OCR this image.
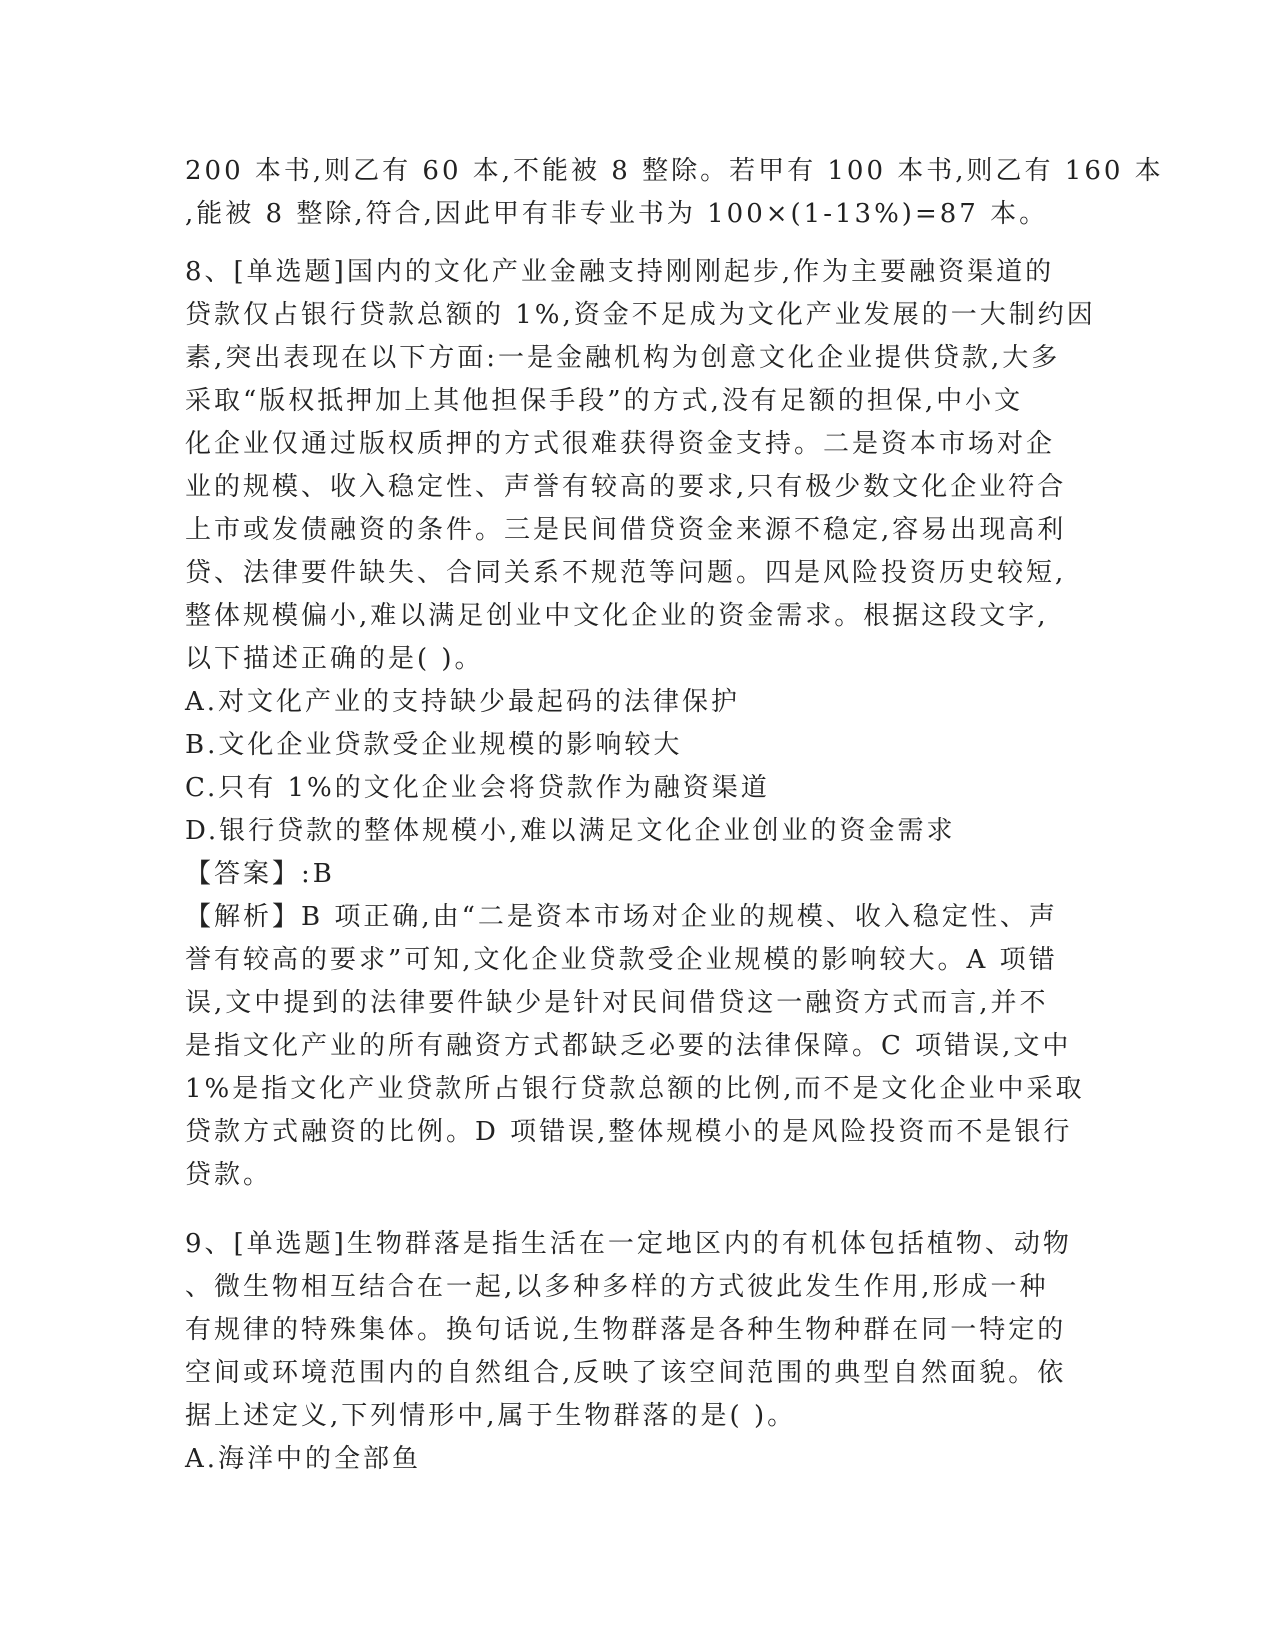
200 本书,则乙有 60 本,不能被 8 整除。若甲有 100 本书,则乙有 160 本
,能被 8 整除,符合,因此甲有非专业书为 100×(1-13%)=87 本。
8、[单选题]国内的文化产业金融支持刚刚起步,作为主要融资渠道的
贷款仅占银行贷款总额的 1%,资金不足成为文化产业发展的一大制约因
素,突出表现在以下方面:一是金融机构为创意文化企业提供贷款,大多
采取“版权抵押加上其他担保手段”的方式,没有足额的担保,中小文
化企业仅通过版权质押的方式很难获得资金支持。二是资本市场对企
业的规模、收入稳定性、声誉有较高的要求,只有极少数文化企业符合
上市或发债融资的条件。三是民间借贷资金来源不稳定,容易出现高利
贷、法律要件缺失、合同关系不规范等问题。四是风险投资历史较短,
整体规模偏小,难以满足创业中文化企业的资金需求。根据这段文字,
以下描述正确的是( )。
A.对文化产业的支持缺少最起码的法律保护
B.文化企业贷款受企业规模的影响较大
C.只有 1%的文化企业会将贷款作为融资渠道
D.银行贷款的整体规模小,难以满足文化企业创业的资金需求
【答案】:B
【解析】B 项正确,由“二是资本市场对企业的规模、收入稳定性、声
誉有较高的要求”可知,文化企业贷款受企业规模的影响较大。A 项错
误,文中提到的法律要件缺少是针对民间借贷这一融资方式而言,并不
是指文化产业的所有融资方式都缺乏必要的法律保障。C 项错误,文中
1%是指文化产业贷款所占银行贷款总额的比例,而不是文化企业中采取
贷款方式融资的比例。D 项错误,整体规模小的是风险投资而不是银行
贷款。
9、[单选题]生物群落是指生活在一定地区内的有机体包括植物、动物
、微生物相互结合在一起,以多种多样的方式彼此发生作用,形成一种
有规律的特殊集体。换句话说,生物群落是各种生物种群在同一特定的
空间或环境范围内的自然组合,反映了该空间范围的典型自然面貌。依
据上述定义,下列情形中,属于生物群落的是( )。
A.海洋中的全部鱼
